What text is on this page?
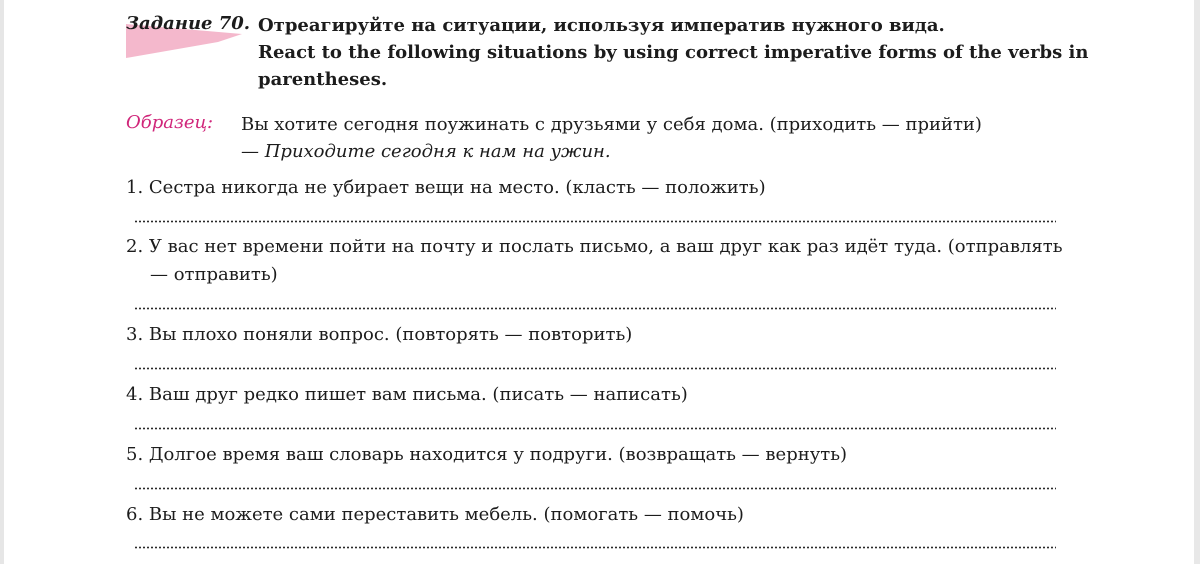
Задание 70. Отреагируйте на ситуации, используя императив нужного вида.
React to the following situations by using correct imperative forms of the verbs in
parentheses.
Образец: Вы хотите сегодня поужинать с друзьями у себя дома. (приходить — прийти)
— Приходите сегодня к нам на ужин.
1. Сестра никогда не убирает вещи на место. (класть — положить)
2. У вас нет времени пойти на почту и послать письмо, а ваш друг как раз идёт туда. (отправлять
— отправить)
3. Вы плохо поняли вопрос. (повторять — повторить)
4. Ваш друг редко пишет вам письма. (писать — написать)
5. Долгое время ваш словарь находится у подруги. (возвращать — вернуть)
6. Вы не можете сами переставить мебель. (помогать — помочь)
